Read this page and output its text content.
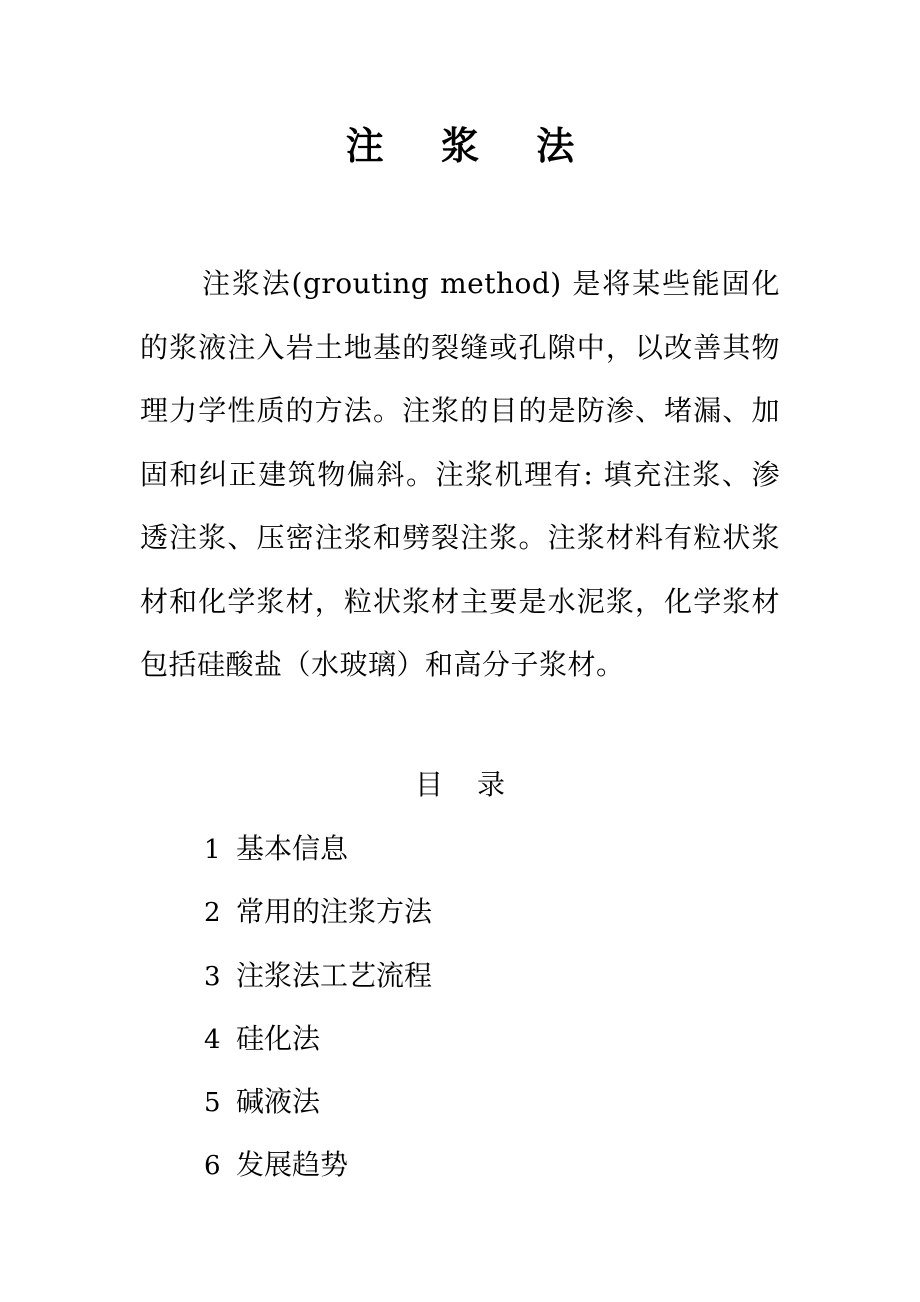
注 浆 法

注浆法(grouting method) 是将某些能固化的浆液注入岩土地基的裂缝或孔隙中，以改善其物理力学性质的方法。注浆的目的是防渗、堵漏、加固和纠正建筑物偏斜。注浆机理有: 填充注浆、渗透注浆、压密注浆和劈裂注浆。注浆材料有粒状浆材和化学浆材，粒状浆材主要是水泥浆，化学浆材包括硅酸盐（水玻璃）和高分子浆材。

目 录
1 基本信息
2 常用的注浆方法
3 注浆法工艺流程
4 硅化法
5 碱液法
6 发展趋势
